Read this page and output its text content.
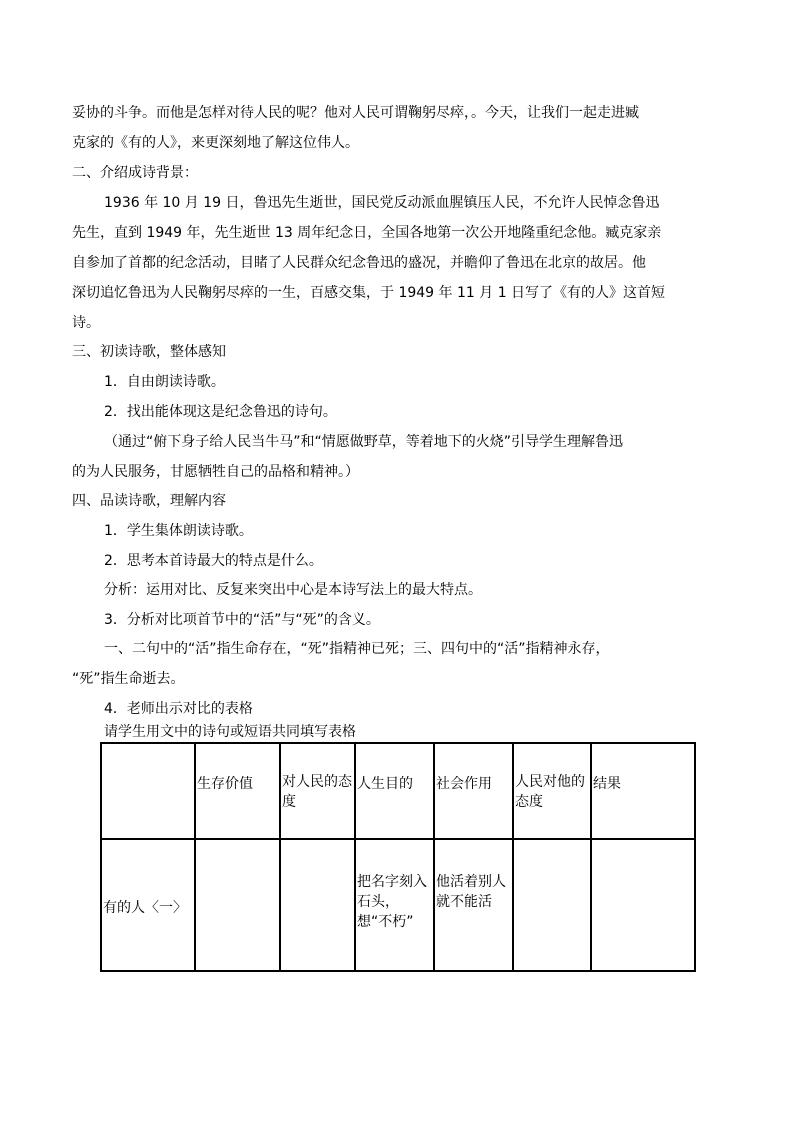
妥协的斗争。而他是怎样对待人民的呢？他对人民可谓鞠躬尽瘁，。今天，让我们一起走进臧
克家的《有的人》，来更深刻地了解这位伟人。
二、介绍成诗背景：
1936 年 10 月 19 日，鲁迅先生逝世，国民党反动派血腥镇压人民，不允许人民悼念鲁迅
先生，直到 1949 年，先生逝世 13 周年纪念日，全国各地第一次公开地隆重纪念他。臧克家亲
自参加了首都的纪念活动，目睹了人民群众纪念鲁迅的盛况，并瞻仰了鲁迅在北京的故居。他
深切追忆鲁迅为人民鞠躬尽瘁的一生，百感交集，于 1949 年 11 月 1 日写了《有的人》这首短
诗。
三、初读诗歌，整体感知
1．自由朗读诗歌。
2．找出能体现这是纪念鲁迅的诗句。
（通过“俯下身子给人民当牛马”和“情愿做野草，等着地下的火烧”引导学生理解鲁迅
的为人民服务，甘愿牺牲自己的品格和精神。）
四、品读诗歌，理解内容
1．学生集体朗读诗歌。
2．思考本首诗最大的特点是什么。
分析：运用对比、反复来突出中心是本诗写法上的最大特点。
3．分析对比项首节中的“活”与“死”的含义。
一、二句中的“活”指生命存在，“死”指精神已死；三、四句中的“活”指精神永存，
“死”指生命逝去。
4．老师出示对比的表格
请学生用文中的诗句或短语共同填写表格

	生存价值	对人民的态度	人生目的	社会作用	人民对他的态度	结果

有的人〈一〉			把名字刻入石头，想“不朽”	他活着别人就不能活		
